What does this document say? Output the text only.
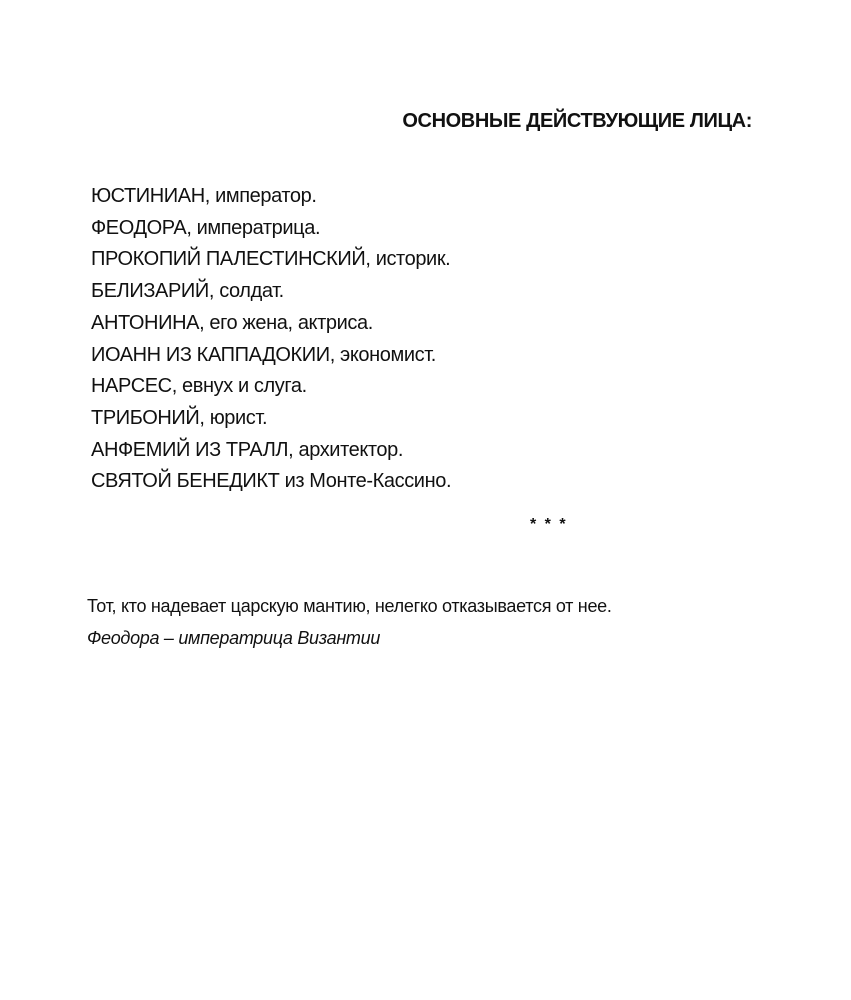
ОСНОВНЫЕ ДЕЙСТВУЮЩИЕ ЛИЦА:
ЮСТИНИАН, император.
ФЕОДОРА, императрица.
ПРОКОПИЙ ПАЛЕСТИНСКИЙ, историк.
БЕЛИЗАРИЙ, солдат.
АНТОНИНА, его жена, актриса.
ИОАНН ИЗ КАППАДОКИИ, экономист.
НАРСЕС, евнух и слуга.
ТРИБОНИЙ, юрист.
АНФЕМИЙ ИЗ ТРАЛЛ, архитектор.
СВЯТОЙ БЕНЕДИКТ из Монте-Кассино.
* * *

Тот, кто надевает царскую мантию, нелегко отказывается от нее.

Феодора – императрица Византии
